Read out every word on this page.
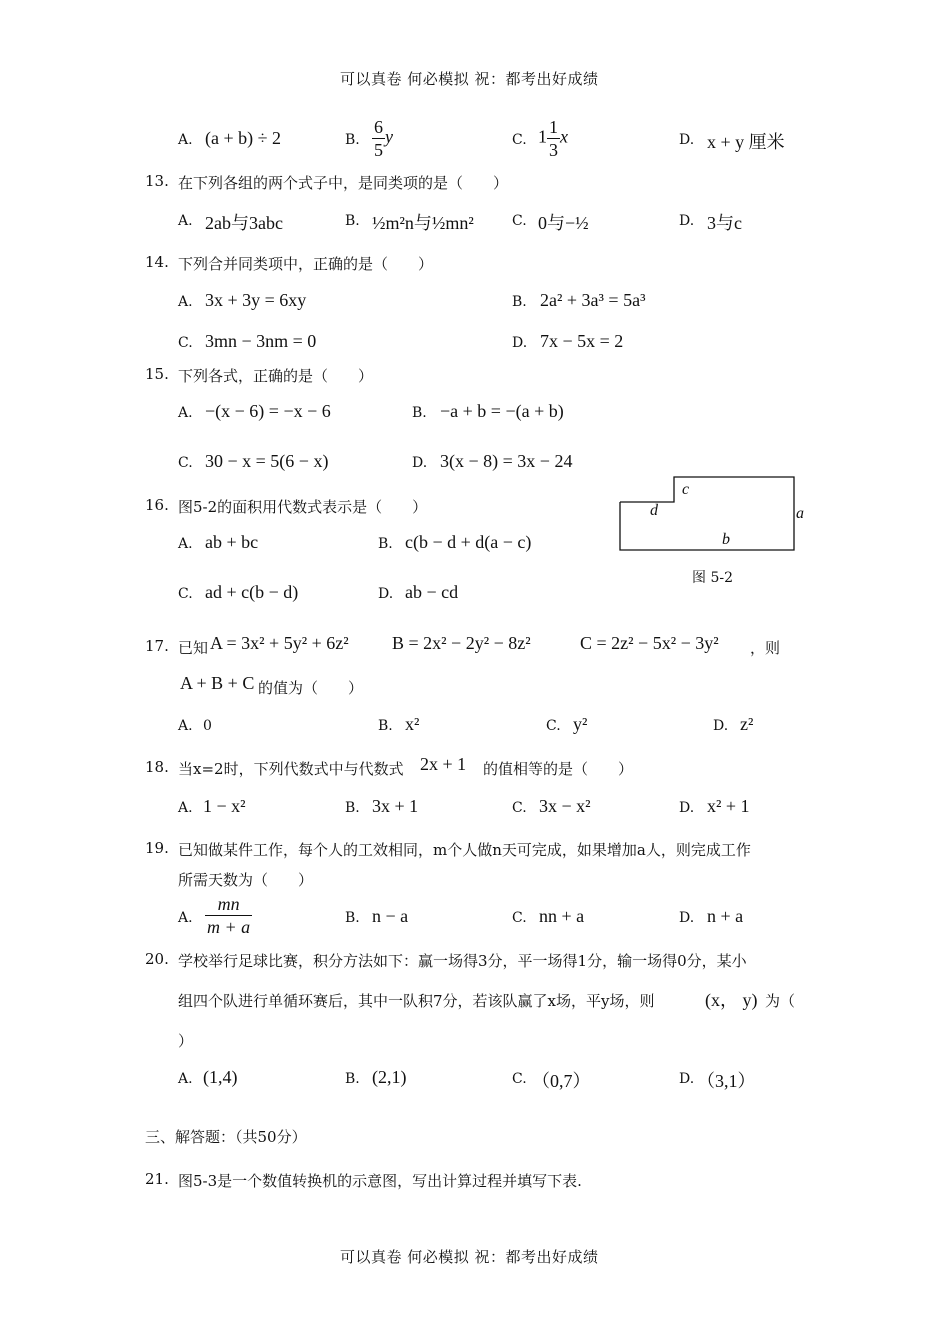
可以真卷 何必模拟 祝：都考出好成绩
A. (a + b) ÷ 2	B. $\frac{6}{5}$ y	C. $1 \frac{1}{3}$ x	D. x + y 厘米
13. 在下列各组的两个式子中，是同类项的是（　　）
A. 2ab与3abc	B. ½m²n与½mn²	C. 0与−½	D. 3与c
14. 下列合并同类项中，正确的是（　　）
A. 3x + 3y = 6xy	B. 2a² + 3a³ = 5a³
C. 3mn − 3nm = 0	D. 7x − 5x = 2
15. 下列各式，正确的是（　　）
A. −(x − 6) = −x − 6	B. −a + b = −(a + b)
C. 30 − x = 5(6 − x)	D. 3(x − 8) = 3x − 24
16. 图5-2的面积用代数式表示是（　　）
A. ab + bc	B. c(b − d + d(a − c)
C. ad + c(b − d)	D. ab − cd
c
d	a
b
图 5-2
17. 已知 A = 3x² + 5y² + 6z² B = 2x² − 2y² − 8z²	C = 2z² − 5x² − 3y² ，则
A + B + C 的值为（　　）
A. 0	B. x²	C. y²	D. z²
18. 当x=2时，下列代数式中与代数式 2x + 1 的值相等的是（　　）
A. 1 − x²	B. 3x + 1	C. 3x − x²	D. x² + 1
19. 已知做某件工作，每个人的工效相同，m个人做n天可完成，如果增加a人，则完成工作
所需天数为（　　）
A. $\frac{mn}{m + a}$	B. n − a	C. nn + a	D. n + a
20. 学校举行足球比赛，积分方法如下：赢一场得3分，平一场得1分，输一场得0分，某小
组四个队进行单循环赛后，其中一队积7分，若该队赢了x场，平y场，则	(x， y) 为（
）
A. (1,4)	B. (2,1)	C. （0,7）	D. （3,1）
三、解答题：（共50分）
21. 图5-3是一个数值转换机的示意图，写出计算过程并填写下表.
可以真卷 何必模拟 祝：都考出好成绩
